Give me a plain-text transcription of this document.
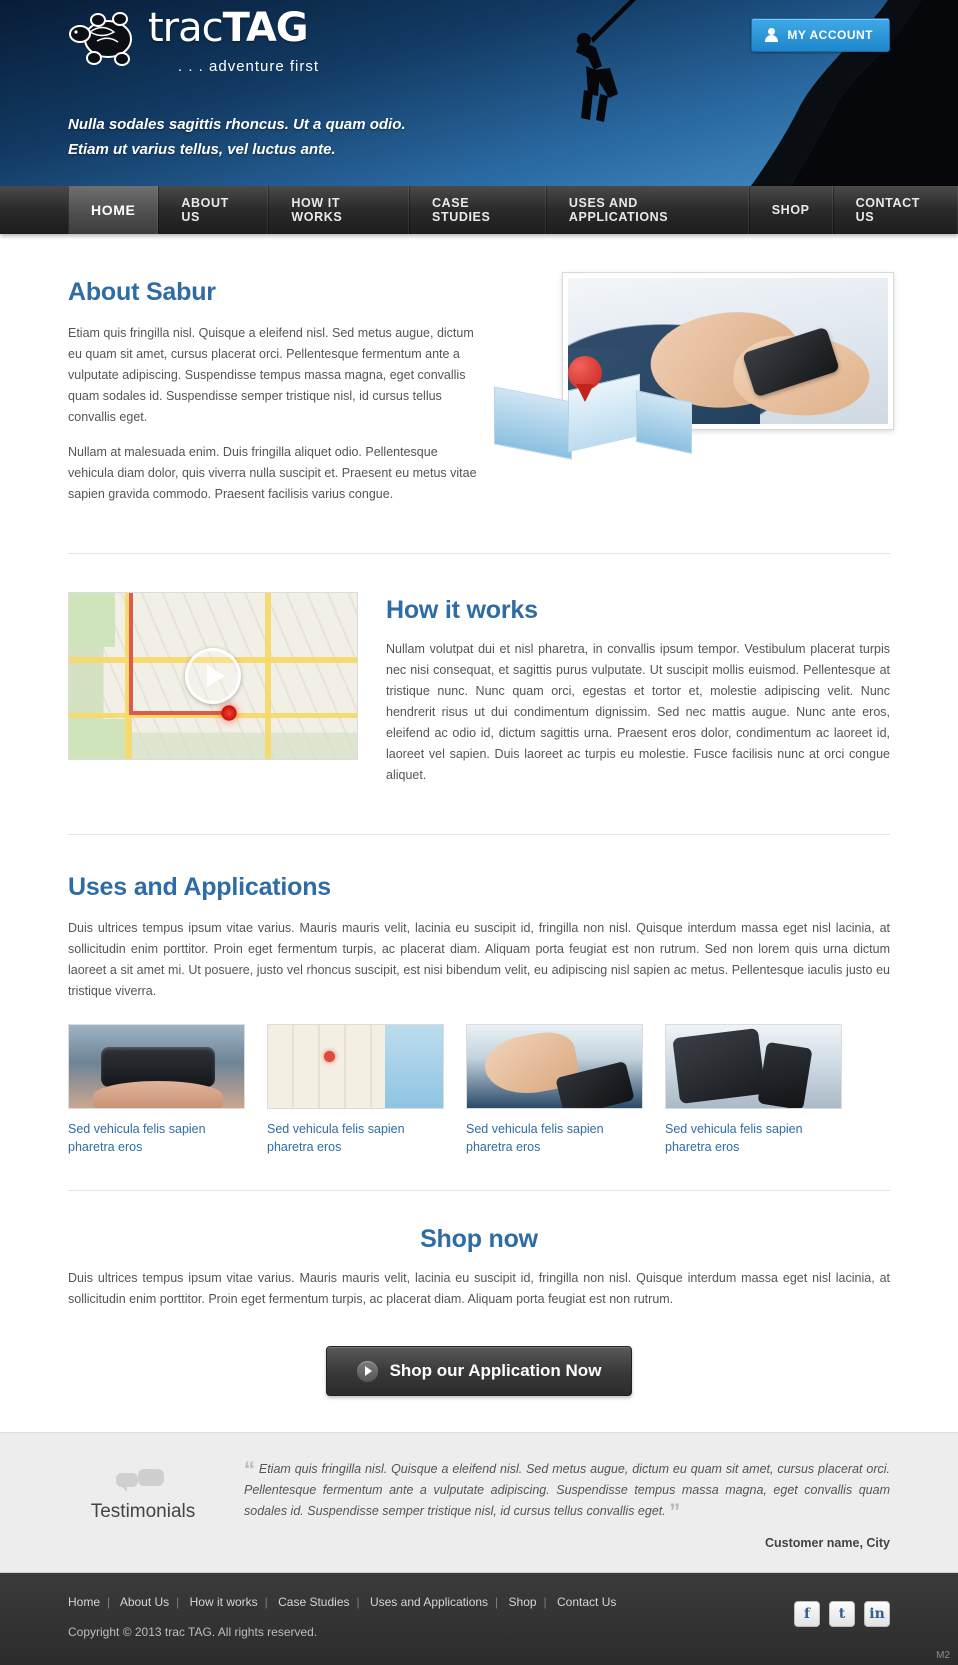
tracTAG
. . . adventure first
Nulla sodales sagittis rhoncus. Ut a quam odio.
Etiam ut varius tellus, vel luctus ante.
MY ACCOUNT
HOME	ABOUT US
HOW IT WORKS
CASE STUDIES
USES AND APPLICATIONS	SHOP	CONTACT US
About Sabur

Etiam quis fringilla nisl. Quisque a eleifend nisl. Sed metus augue, dictum eu quam sit amet, cursus placerat orci. Pellentesque fermentum ante a vulputate adipiscing. Suspendisse tempus massa magna, eget convallis quam sodales id. Suspendisse semper tristique nisl, id cursus tellus convallis eget.

Nullam at malesuada enim. Duis fringilla aliquet odio. Pellentesque vehicula diam dolor, quis viverra nulla suscipit et. Praesent eu metus vitae sapien gravida commodo. Praesent facilisis varius congue.

How it works

Nullam volutpat dui et nisl pharetra, in convallis ipsum tempor. Vestibulum placerat turpis nec nisi consequat, et sagittis purus vulputate. Ut suscipit mollis euismod. Pellentesque at tristique nunc. Nunc quam orci, egestas et tortor et, molestie adipiscing velit. Nunc hendrerit risus ut dui condimentum dignissim. Sed nec mattis augue. Nunc ante eros, eleifend ac odio id, dictum sagittis urna. Praesent eros dolor, condimentum ac laoreet id, laoreet vel sapien. Duis laoreet ac turpis eu molestie. Fusce facilisis nunc at orci congue aliquet.

Uses and Applications

Duis ultrices tempus ipsum vitae varius. Mauris mauris velit, lacinia eu suscipit id, fringilla non nisl. Quisque interdum massa eget nisl lacinia, at sollicitudin enim porttitor. Proin eget fermentum turpis, ac placerat diam. Aliquam porta feugiat est non rutrum. Sed non lorem quis urna dictum laoreet a sit amet mi. Ut posuere, justo vel rhoncus suscipit, est nisi bibendum velit, eu adipiscing nisl sapien ac metus. Pellentesque iaculis justo eu tristique viverra.

Sed vehicula felis sapien pharetra eros
Sed vehicula felis sapien pharetra eros
Sed vehicula felis sapien pharetra eros
Sed vehicula felis sapien pharetra eros
Shop now

Duis ultrices tempus ipsum vitae varius. Mauris mauris velit, lacinia eu suscipit id, fringilla non nisl. Quisque interdum massa eget nisl lacinia, at sollicitudin enim porttitor. Proin eget fermentum turpis, ac placerat diam. Aliquam porta feugiat est non rutrum.

Shop our Application Now
Testimonials
“ Etiam quis fringilla nisl. Quisque a eleifend nisl. Sed metus augue, dictum eu quam sit amet, cursus placerat orci. Pellentesque fermentum ante a vulputate adipiscing. Suspendisse tempus massa magna, eget convallis quam sodales id. Suspendisse semper tristique nisl, id cursus tellus convallis eget. ”
Customer name, City
Home | About Us | How it works | Case Studies | Uses and Applications | Shop | Contact Us
Copyright © 2013 trac TAG. All rights reserved.
f	t	in
M2
